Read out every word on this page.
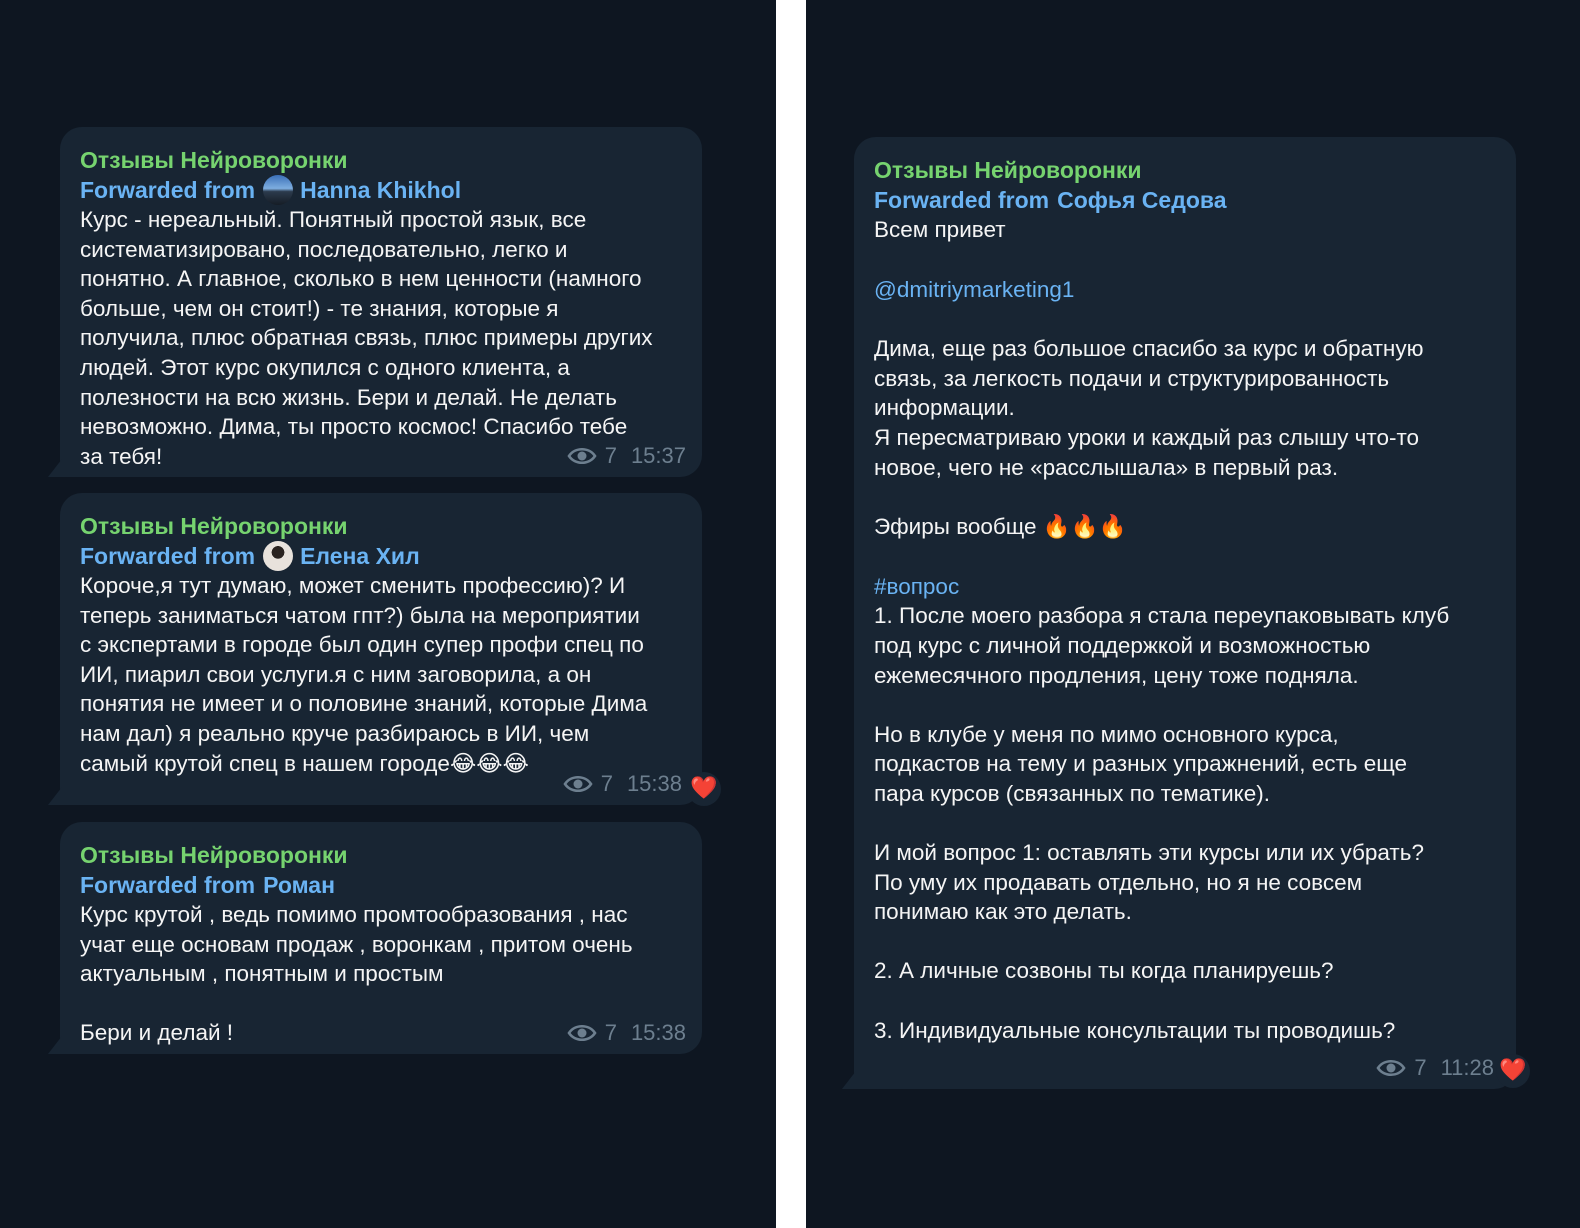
Отзывы Нейроворонки
Forwarded from Hanna Khikhol
Курс - нереальный. Понятный простой язык, все
систематизировано, последовательно, легко и
понятно. А главное, сколько в нем ценности (намного
больше, чем он стоит!) - те знания, которые я
получила, плюс обратная связь, плюс примеры других
людей. Этот курс окупился с одного клиента, а
полезности на всю жизнь. Бери и делай. Не делать
невозможно. Дима, ты просто космос! Спасибо тебе
за тебя!	7 15:37
Отзывы Нейроворонки
Forwarded from Елена Хил
Короче,я тут думаю, может сменить профессию)? И
теперь заниматься чатом гпт?) была на мероприятии
с экспертами в городе был один супер профи спец по
ИИ, пиарил свои услуги.я с ним заговорила, а он
понятия не имеет и о половине знаний, которые Дима
нам дал) я реально круче разбираюсь в ИИ, чем
самый крутой спец в нашем городе😂😂😂
7 15:38 ❤️
Отзывы Нейроворонки
Forwarded from Роман
Курс крутой , ведь помимо промтообразования , нас
учат еще основам продаж , воронкам , притом очень
актуальным , понятным и простым

Бери и делай !	7 15:38
Отзывы Нейроворонки
Forwarded from Софья Седова
Всем привет
@dmitriymarketing1
Дима, еще раз большое спасибо за курс и обратную
связь, за легкость подачи и структурированность
информации.
Я пересматриваю уроки и каждый раз слышу что-то
новое, чего не «расслышала» в первый раз.
Эфиры вообще 🔥🔥🔥
#вопрос
1. После моего разбора я стала переупаковывать клуб
под курс с личной поддержкой и возможностью
ежемесячного продления, цену тоже подняла.

Но в клубе у меня по мимо основного курса,
подкастов на тему и разных упражнений, есть еще
пара курсов (связанных по тематике).

И мой вопрос 1: оставлять эти курсы или их убрать?
По уму их продавать отдельно, но я не совсем
понимаю как это делать.

2. А личные созвоны ты когда планируешь?

3. Индивидуальные консультации ты проводишь?
7 11:28 ❤️
